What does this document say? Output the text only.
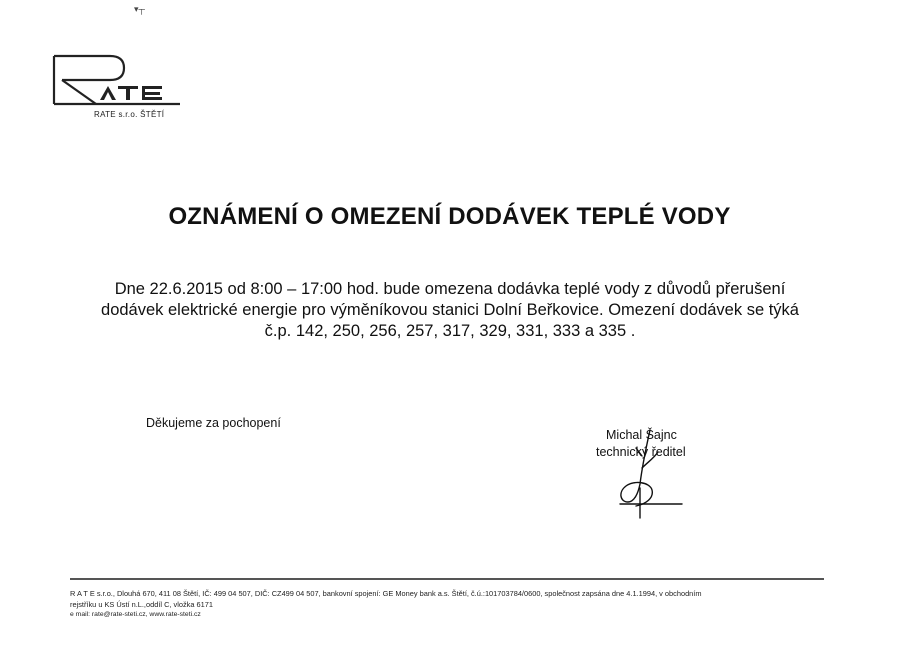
▾┬
RATE s.r.o. ŠTĚTÍ
OZNÁMENÍ O OMEZENÍ DODÁVEK TEPLÉ VODY
Dne 22.6.2015 od 8:00 – 17:00 hod. bude omezena dodávka teplé vody z důvodů přerušení
dodávek elektrické energie pro výměníkovou stanici Dolní Beřkovice. Omezení dodávek se týká
č.p. 142, 250, 256, 257, 317, 329, 331, 333 a 335 .
Děkujeme za pochopení
Michal Šajnc
technický ředitel
R A T E s.r.o., Dlouhá 670, 411 08 Štětí, IČ: 499 04 507, DIČ: CZ499 04 507, bankovní spojení: GE Money bank a.s. Štětí, č.ú.:101703784/0600, společnost zapsána dne 4.1.1994, v obchodním
rejstříku u KS Ústí n.L.,oddíl C, vložka 6171
e mail: rate@rate-steti.cz, www.rate-steti.cz
